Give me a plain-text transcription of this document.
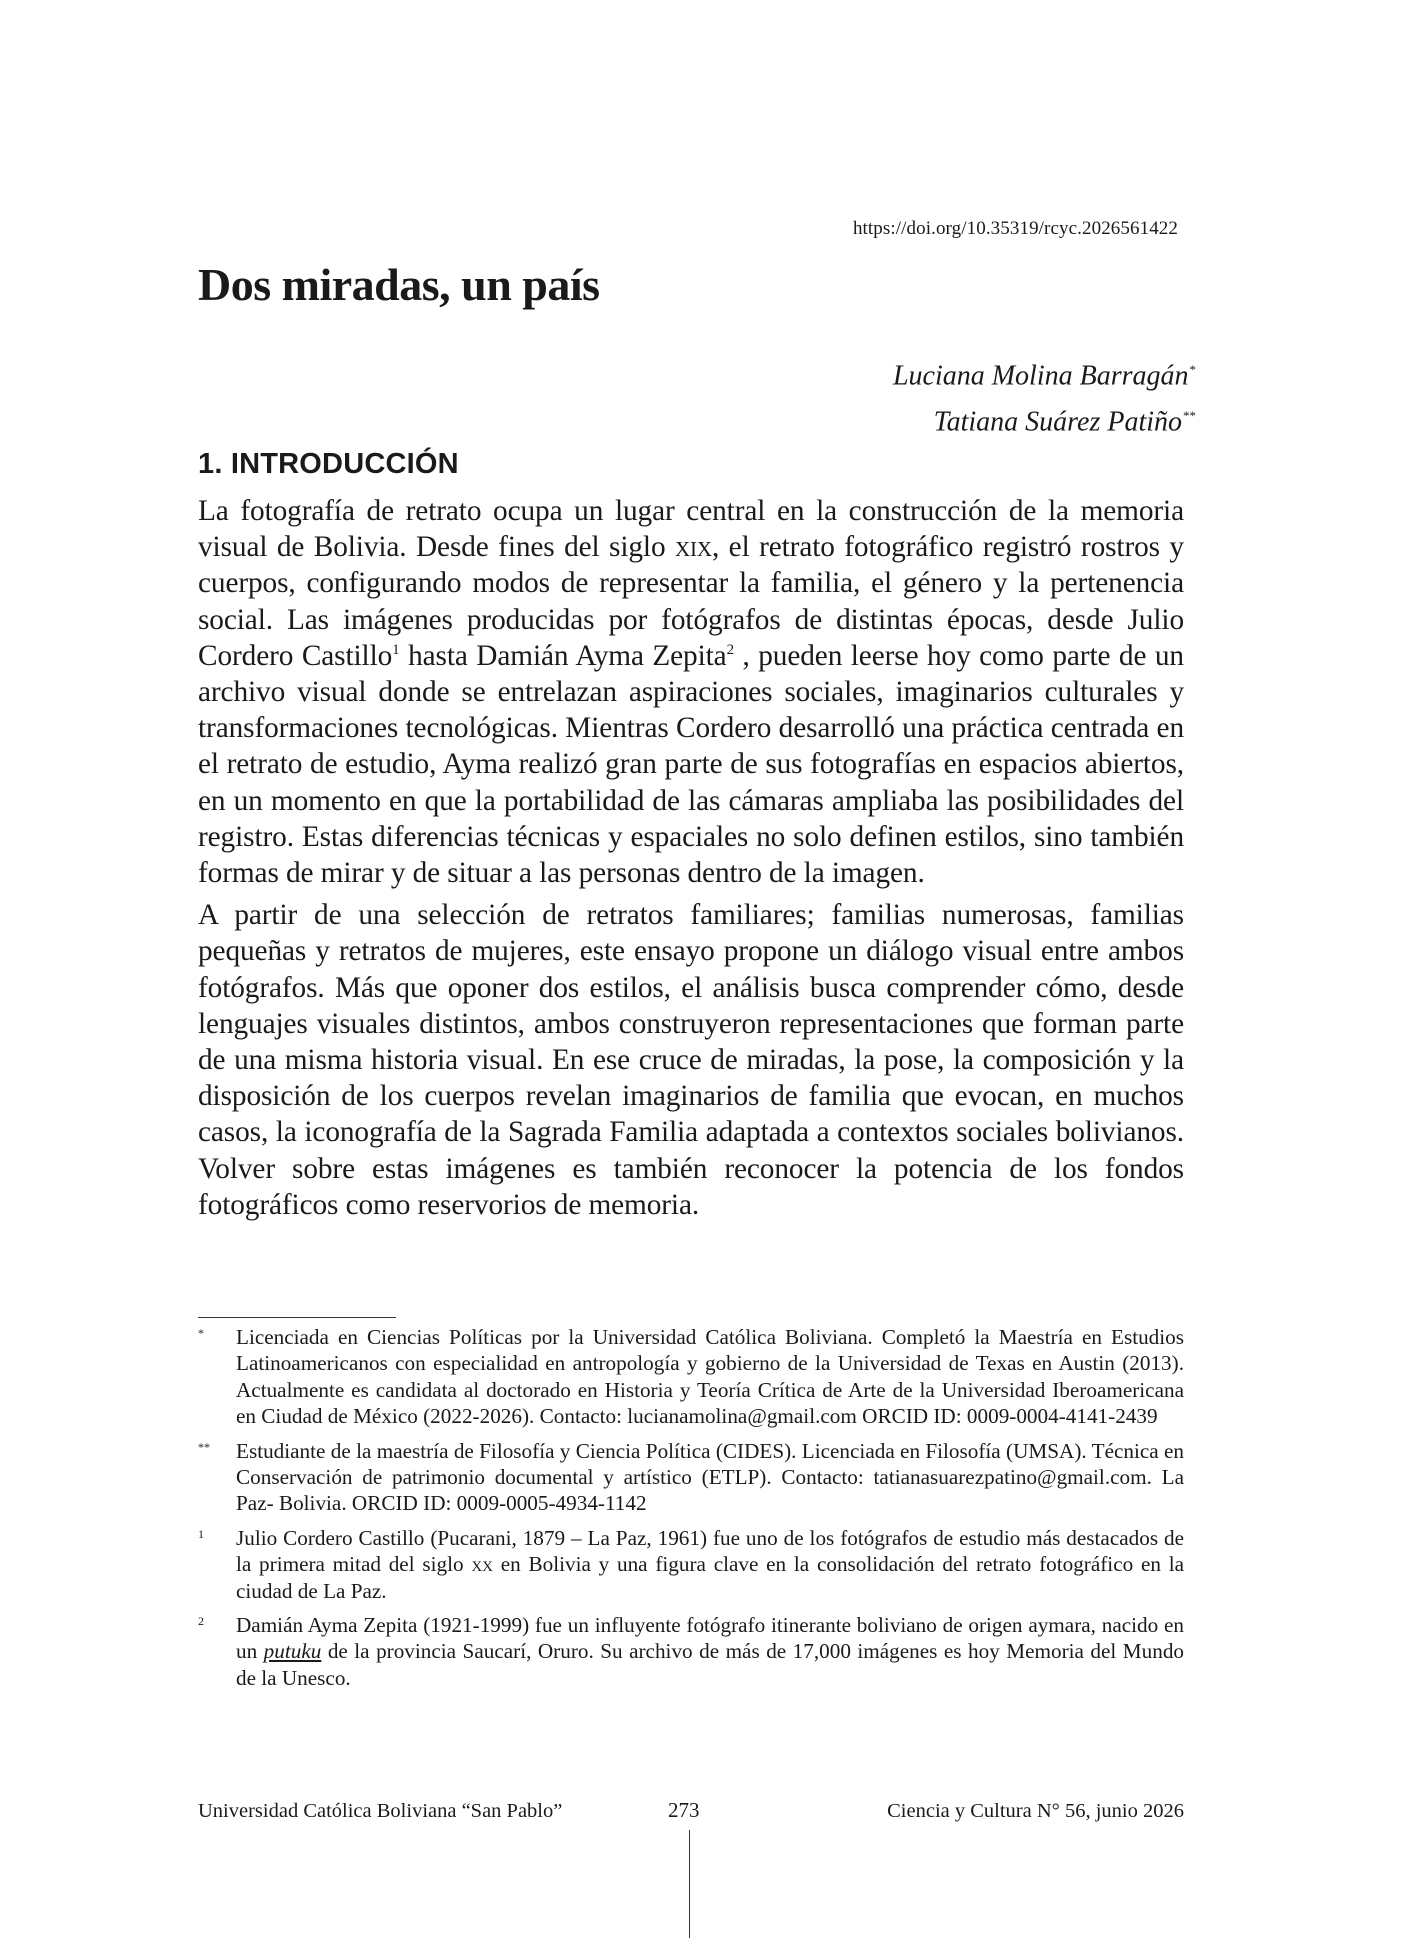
https://doi.org/10.35319/rcyc.2026561422
Dos miradas, un país
Luciana Molina Barragán*
Tatiana Suárez Patiño**
1. INTRODUCCIÓN

La fotografía de retrato ocupa un lugar central en la construcción de la memoria visual de Bolivia. Desde fines del siglo xix, el retrato fotográfico registró rostros y cuerpos, configurando modos de representar la familia, el género y la pertenencia social. Las imágenes producidas por fotógrafos de distintas épocas, desde Julio Cordero Castillo$^1$ hasta Damián Ayma Zepita$^2$ , pueden leerse hoy como parte de un archivo visual donde se entrelazan aspiraciones sociales, imaginarios culturales y transformaciones tecnológicas. Mientras Cordero desarrolló una práctica centrada en el retrato de estudio, Ayma realizó gran parte de sus fotografías en espacios abiertos, en un momento en que la portabilidad de las cámaras ampliaba las posibilidades del registro. Estas diferencias técnicas y espaciales no solo definen estilos, sino también formas de mirar y de situar a las personas dentro de la imagen.

A partir de una selección de retratos familiares; familias numerosas, familias pequeñas y retratos de mujeres, este ensayo propone un diálogo visual entre ambos fotógrafos. Más que oponer dos estilos, el análisis busca comprender cómo, desde lenguajes visuales distintos, ambos construyeron representaciones que forman parte de una misma historia visual. En ese cruce de miradas, la pose, la composición y la disposición de los cuerpos revelan imaginarios de familia que evocan, en muchos casos, la iconografía de la Sagrada Familia adaptada a contextos sociales bolivianos. Volver sobre estas imágenes es también reconocer la potencia de los fondos fotográficos como reservorios de memoria.

*	Licenciada en Ciencias Políticas por la Universidad Católica Boliviana. Completó la Maestría en Estudios Latinoamericanos con especialidad en antropología y gobierno de la Universidad de Texas en Austin (2013). Actualmente es candidata al doctorado en Historia y Teoría Crítica de Arte de la Universidad Iberoamericana en Ciudad de México (2022-2026). Contacto: lucianamolina@gmail.com ORCID ID: 0009-0004-4141-2439
**	Estudiante de la maestría de Filosofía y Ciencia Política (CIDES). Licenciada en Filosofía (UMSA). Técnica en Conservación de patrimonio documental y artístico (ETLP). Contacto: tatianasuarezpatino@gmail.com. La Paz- Bolivia. ORCID ID: 0009-0005-4934-1142
1	Julio Cordero Castillo (Pucarani, 1879 – La Paz, 1961) fue uno de los fotógrafos de estudio más destacados de la primera mitad del siglo xx en Bolivia y una figura clave en la consolidación del retrato fotográfico en la ciudad de La Paz.
2	Damián Ayma Zepita (1921-1999) fue un influyente fotógrafo itinerante boliviano de origen aymara, nacido en un putuku de la provincia Saucarí, Oruro. Su archivo de más de 17,000 imágenes es hoy Memoria del Mundo de la Unesco.
Universidad Católica Boliviana “San Pablo”	273	Ciencia y Cultura N° 56, junio 2026
